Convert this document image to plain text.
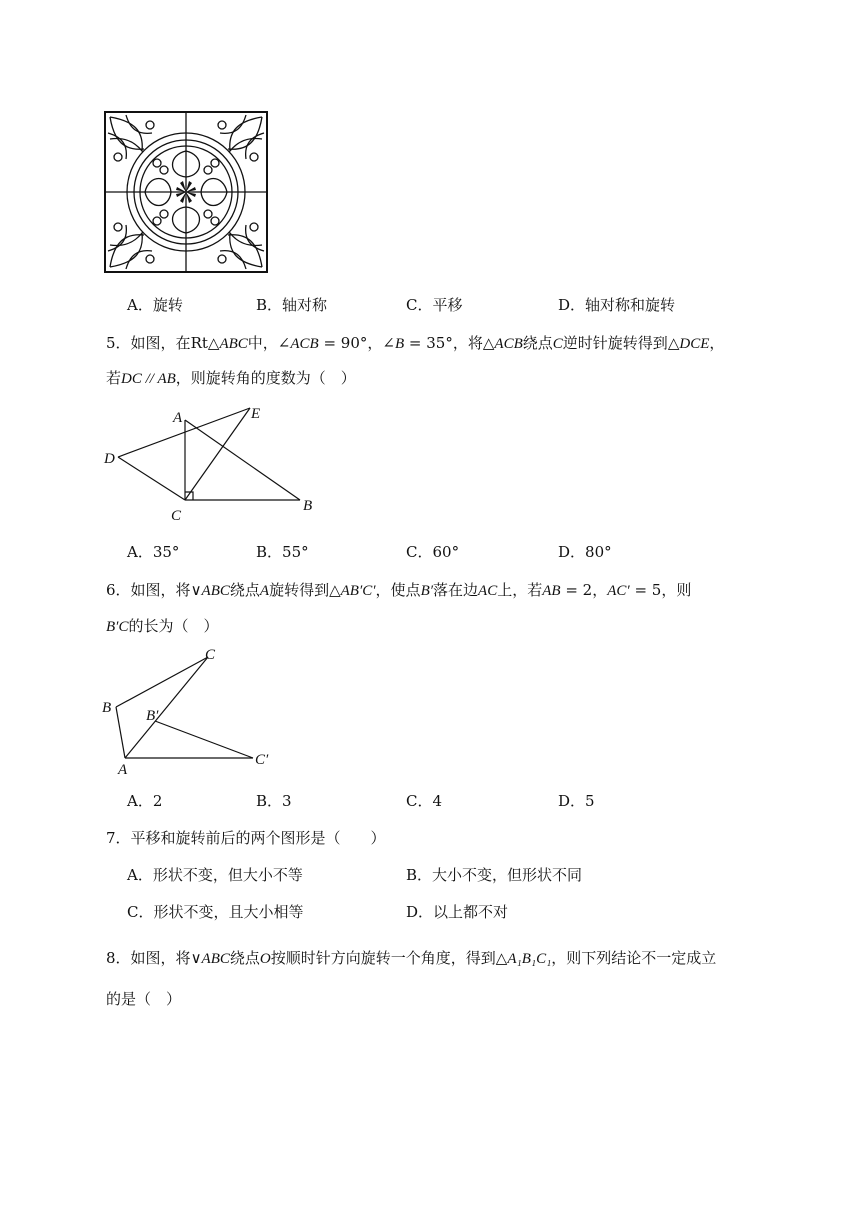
A．旋转	B．轴对称	C．平移	D．轴对称和旋转
5．如图，在Rt△ABC中，∠ACB = 90°，∠B = 35°，将△ACB绕点C逆时针旋转得到△DCE，
若DC // AB，则旋转角的度数为（　）
A	E
D
C
B
A．35°	B．55°	C．60°	D．80°
6．如图，将∨ABC绕点A旋转得到△AB′C′，使点B′落在边AC上，若AB = 2，AC′ = 5，则
B′C的长为（　）
C
B B′
A
C′
A．2	B．3	C．4	D．5
7．平移和旋转前后的两个图形是（　　）
A．形状不变，但大小不等	B．大小不变，但形状不同
C．形状不变，且大小相等	D．以上都不对
8．如图，将∨ABC绕点O按顺时针方向旋转一个角度，得到△A₁B₁C₁，则下列结论不一定成立
的是（　）
